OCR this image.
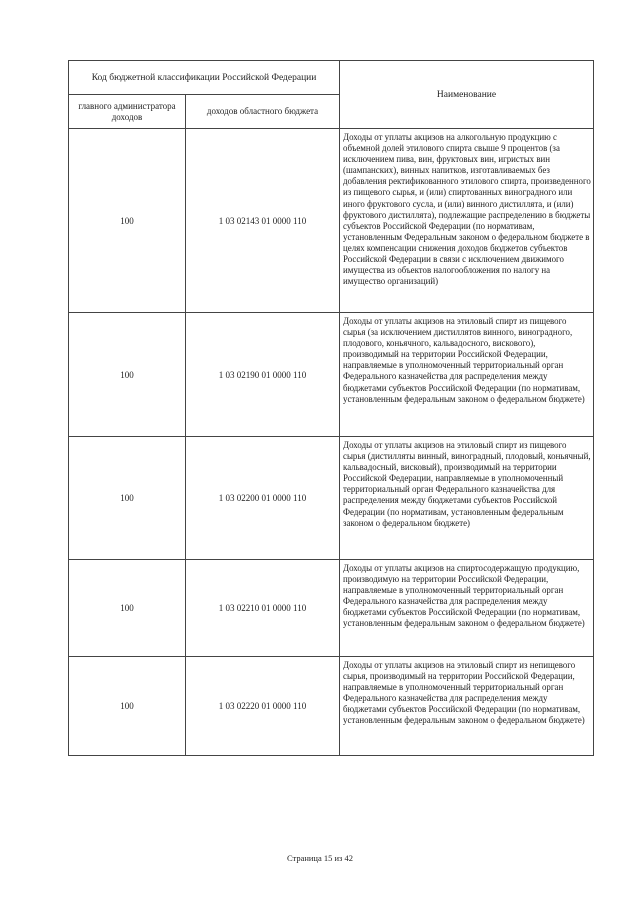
Код бюджетной классификации Российской Федерации		Наименование
главного администратора доходов	доходов областного бюджета	
100	1 03 02143 01 0000 110	Доходы от уплаты акцизов на алкогольную продукцию с объемной долей этилового спирта свыше 9 процентов (за исключением пива, вин, фруктовых вин, игристых вин (шампанских), винных напитков, изготавливаемых без добавления ректификованного этилового спирта, произведенного из пищевого сырья, и (или) спиртованных виноградного или иного фруктового сусла, и (или) винного дистиллята, и (или) фруктового дистиллята), подлежащие распределению в бюджеты субъектов Российской Федерации (по нормативам, установленным Федеральным законом о федеральном бюджете в целях компенсации снижения доходов бюджетов субъектов Российской Федерации в связи с исключением движимого имущества из объектов налогообложения по налогу на имущество организаций)
100	1 03 02190 01 0000 110	Доходы от уплаты акцизов на этиловый спирт из пищевого сырья (за исключением дистиллятов винного, виноградного, плодового, коньячного, кальвадосного, вискового), производимый на территории Российской Федерации, направляемые в уполномоченный территориальный орган Федерального казначейства для распределения между бюджетами субъектов Российской Федерации (по нормативам, установленным федеральным законом о федеральном бюджете)
100	1 03 02200 01 0000 110	Доходы от уплаты акцизов на этиловый спирт из пищевого сырья (дистилляты винный, виноградный, плодовый, коньячный, кальвадосный, висковый), производимый на территории Российской Федерации, направляемые в уполномоченный территориальный орган Федерального казначейства для распределения между бюджетами субъектов Российской Федерации (по нормативам, установленным федеральным законом о федеральном бюджете)
100	1 03 02210 01 0000 110	Доходы от уплаты акцизов на спиртосодержащую продукцию, производимую на территории Российской Федерации, направляемые в уполномоченный территориальный орган Федерального казначейства для распределения между бюджетами субъектов Российской Федерации (по нормативам, установленным федеральным законом о федеральном бюджете)
100	1 03 02220 01 0000 110	Доходы от уплаты акцизов на этиловый спирт из непищевого сырья, производимый на территории Российской Федерации, направляемые в уполномоченный территориальный орган Федерального казначейства для распределения между бюджетами субъектов Российской Федерации (по нормативам, установленным федеральным законом о федеральном бюджете)
Страница 15 из 42
